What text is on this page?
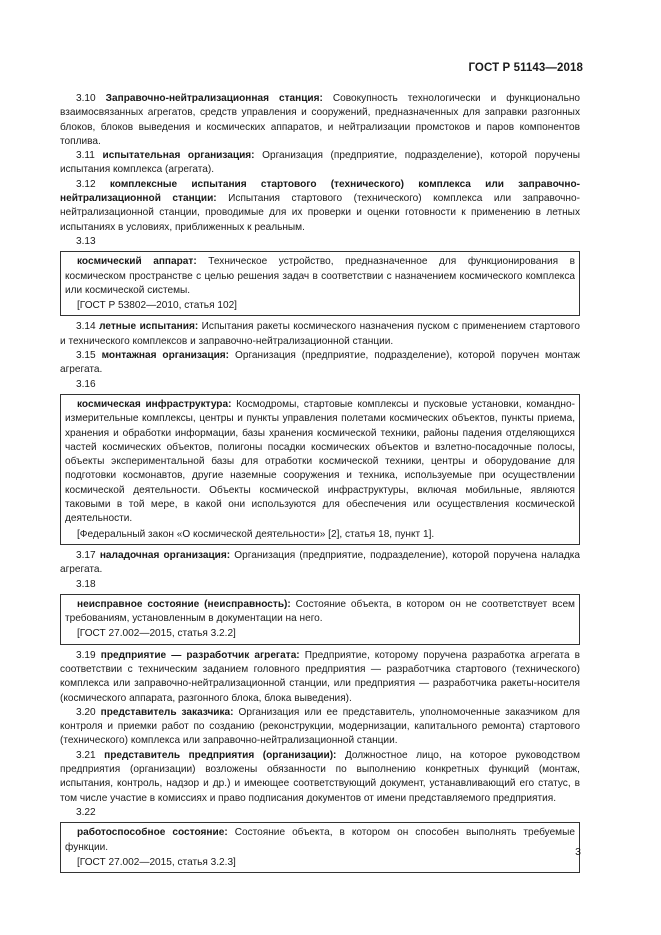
ГОСТ Р 51143—2018

3.10 Заправочно-нейтрализационная станция: Совокупность технологически и функционально взаимосвязанных агрегатов, средств управления и сооружений, предназначенных для заправки разгонных блоков, блоков выведения и космических аппаратов, и нейтрализации промстоков и паров компонентов топлива.

3.11 испытательная организация: Организация (предприятие, подразделение), которой поручены испытания комплекса (агрегата).

3.12 комплексные испытания стартового (технического) комплекса или заправочно-нейтрализационной станции: Испытания стартового (технического) комплекса или заправочно-нейтрализационной станции, проводимые для их проверки и оценки готовности к применению в летных испытаниях в условиях, приближенных к реальным.

3.13

космический аппарат: Техническое устройство, предназначенное для функционирования в космическом пространстве с целью решения задач в соответствии с назначением космического комплекса или космической системы.

[ГОСТ Р 53802—2010, статья 102]

3.14 летные испытания: Испытания ракеты космического назначения пуском с применением стартового и технического комплексов и заправочно-нейтрализационной станции.

3.15 монтажная организация: Организация (предприятие, подразделение), которой поручен монтаж агрегата.

3.16

космическая инфраструктура: Космодромы, стартовые комплексы и пусковые установки, командно-измерительные комплексы, центры и пункты управления полетами космических объектов, пункты приема, хранения и обработки информации, базы хранения космической техники, районы падения отделяющихся частей космических объектов, полигоны посадки космических объектов и взлетно-посадочные полосы, объекты экспериментальной базы для отработки космической техники, центры и оборудование для подготовки космонавтов, другие наземные сооружения и техника, используемые при осуществлении космической деятельности. Объекты космической инфраструктуры, включая мобильные, являются таковыми в той мере, в какой они используются для обеспечения или осуществления космической деятельности.

[Федеральный закон «О космической деятельности» [2], статья 18, пункт 1].

3.17 наладочная организация: Организация (предприятие, подразделение), которой поручена наладка агрегата.

3.18

неисправное состояние (неисправность): Состояние объекта, в котором он не соответствует всем требованиям, установленным в документации на него.

[ГОСТ 27.002—2015, статья 3.2.2]

3.19 предприятие — разработчик агрегата: Предприятие, которому поручена разработка агрегата в соответствии с техническим заданием головного предприятия — разработчика стартового (технического) комплекса или заправочно-нейтрализационной станции, или предприятия — разработчика ракеты-носителя (космического аппарата, разгонного блока, блока выведения).

3.20 представитель заказчика: Организация или ее представитель, уполномоченные заказчиком для контроля и приемки работ по созданию (реконструкции, модернизации, капитального ремонта) стартового (технического) комплекса или заправочно-нейтрализационной станции.

3.21 представитель предприятия (организации): Должностное лицо, на которое руководством предприятия (организации) возложены обязанности по выполнению конкретных функций (монтаж, испытания, контроль, надзор и др.) и имеющее соответствующий документ, устанавливающий его статус, в том числе участие в комиссиях и право подписания документов от имени представляемого предприятия.

3.22

работоспособное состояние: Состояние объекта, в котором он способен выполнять требуемые функции.

[ГОСТ 27.002—2015, статья 3.2.3]
3
